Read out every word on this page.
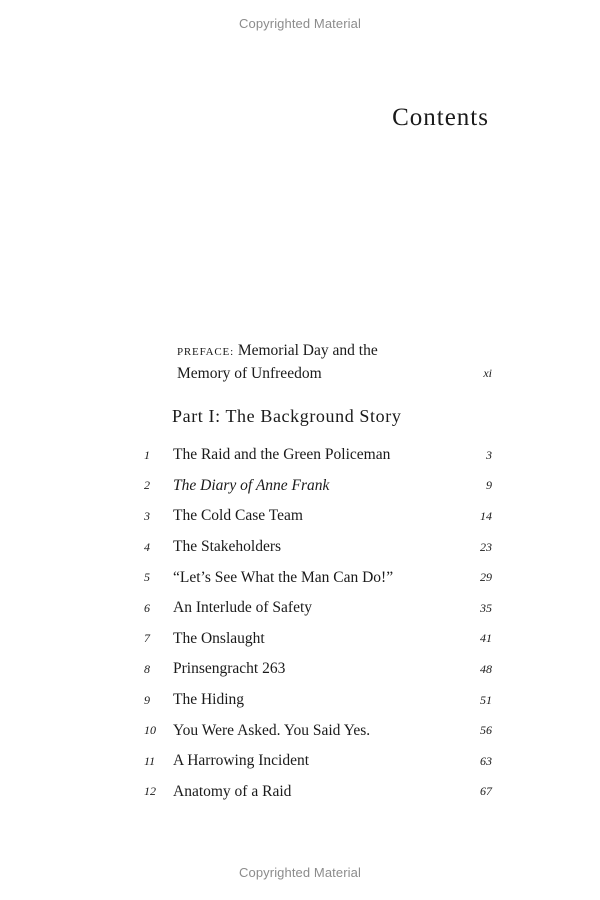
Copyrighted Material
Contents
PREFACE: Memorial Day and the
Memory of Unfreedom	xi
Part I: The Background Story
1	The Raid and the Green Policeman	3
2	The Diary of Anne Frank	9
3	The Cold Case Team	14
4	The Stakeholders	23
5	“Let’s See What the Man Can Do!”	29
6	An Interlude of Safety	35
7	The Onslaught	41
8	Prinsengracht 263	48
9	The Hiding	51
10	You Were Asked. You Said Yes.	56
11	A Harrowing Incident	63
12	Anatomy of a Raid	67
Copyrighted Material
